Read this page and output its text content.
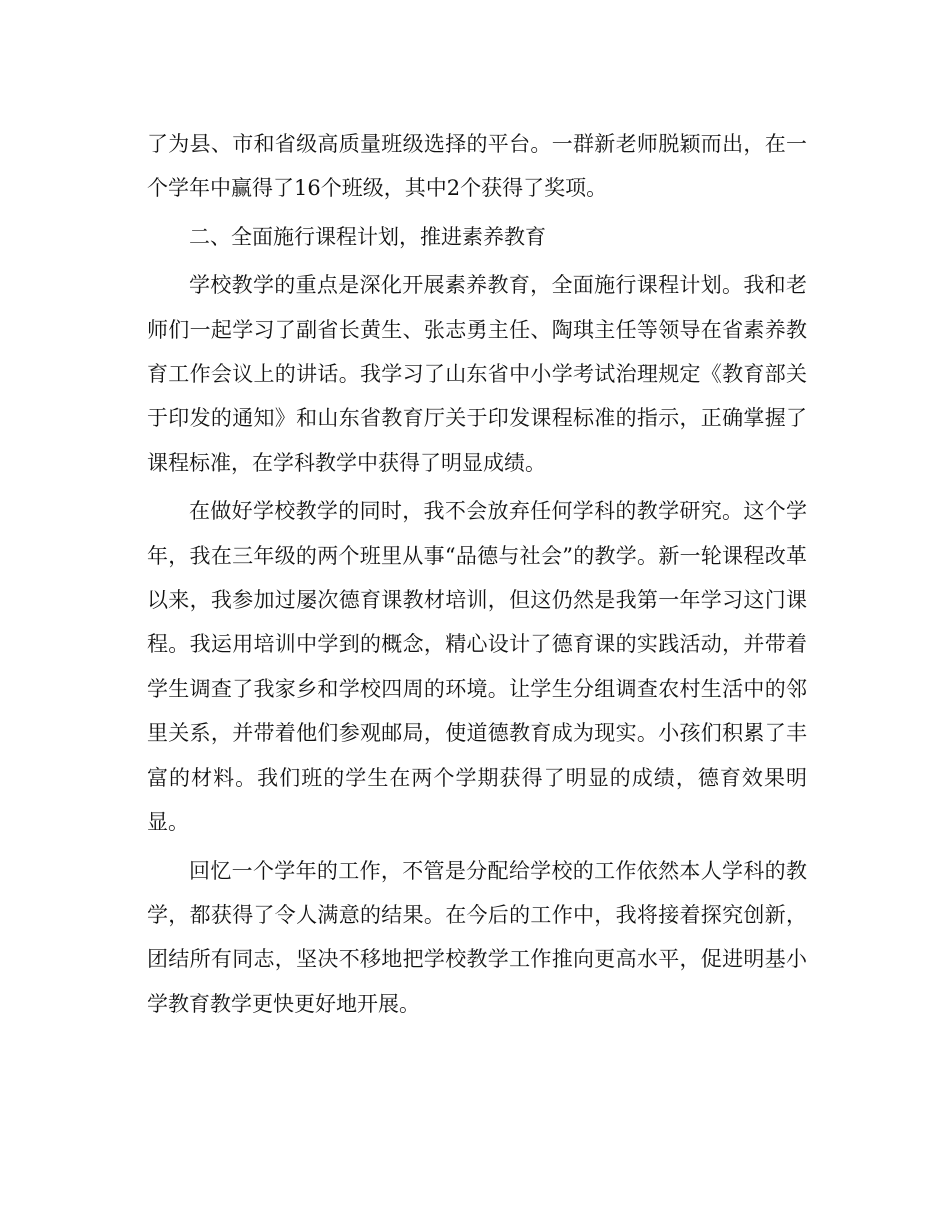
了为县、市和省级高质量班级选择的平台。一群新老师脱颖而出，在一个学年中赢得了16个班级，其中2个获得了奖项。

二、全面施行课程计划，推进素养教育

学校教学的重点是深化开展素养教育，全面施行课程计划。我和老师们一起学习了副省长黄生、张志勇主任、陶琪主任等领导在省素养教育工作会议上的讲话。我学习了山东省中小学考试治理规定《教育部关于印发的通知》和山东省教育厅关于印发课程标准的指示，正确掌握了课程标准，在学科教学中获得了明显成绩。

在做好学校教学的同时，我不会放弃任何学科的教学研究。这个学年，我在三年级的两个班里从事“品德与社会”的教学。新一轮课程改革以来，我参加过屡次德育课教材培训，但这仍然是我第一年学习这门课程。我运用培训中学到的概念，精心设计了德育课的实践活动，并带着学生调查了我家乡和学校四周的环境。让学生分组调查农村生活中的邻里关系，并带着他们参观邮局，使道德教育成为现实。小孩们积累了丰富的材料。我们班的学生在两个学期获得了明显的成绩，德育效果明显。

回忆一个学年的工作，不管是分配给学校的工作依然本人学科的教学，都获得了令人满意的结果。在今后的工作中，我将接着探究创新，团结所有同志，坚决不移地把学校教学工作推向更高水平，促进明基小学教育教学更快更好地开展。
